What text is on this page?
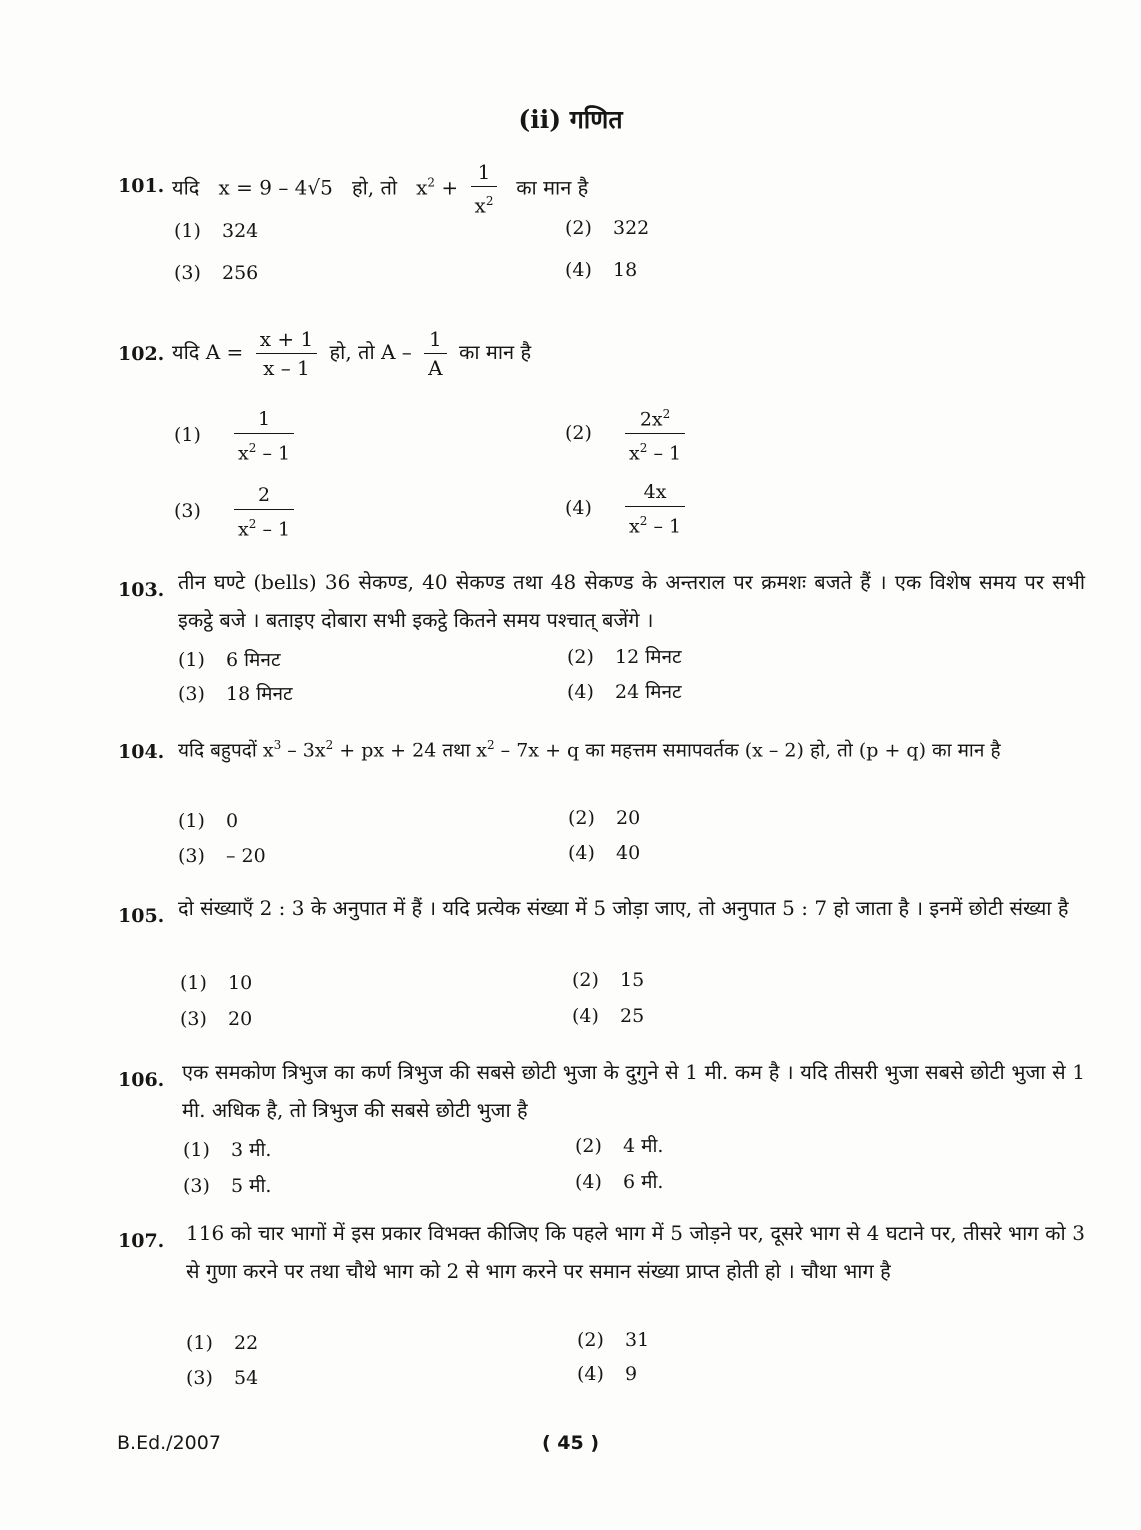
(ii) गणित
101. यदि x = 9 – 4√5 हो, तो $x^2 + \frac{1}{x^2}$ का मान है
(1) 324	(2) 322
(3) 256	(4) 18
102. यदि $A = \frac{x + 1}{x - 1}$ हो, तो A – $\frac{1}{A}$ का मान है
$(1) \frac{1}{x^2 - 1}$	$(2) \frac{2x^2}{x^2 - 1}$
$(3) \frac{2}{x^2 - 1}$	$(4) \frac{4x}{x^2 - 1}$
103. तीन घण्टे (bells) 36 सेकण्ड, 40 सेकण्ड तथा 48 सेकण्ड के अन्तराल पर क्रमशः बजते हैं । एक विशेष समय पर सभी इकट्ठे बजे । बताइए दोबारा सभी इकट्ठे कितने समय पश्चात् बजेंगे ।
(1) 6 मिनट	(2) 12 मिनट
(3) 18 मिनट	(4) 24 मिनट
104. यदि बहुपदों $x^3 - 3x^2$ + px + 24 तथा $x^2 - 7x + q$ का महत्तम समापवर्तक (x – 2) हो, तो (p + q) का मान है
(1) 0	(2) 20
(3) – 20	(4) 40
105. दो संख्याएँ 2 : 3 के अनुपात में हैं । यदि प्रत्येक संख्या में 5 जोड़ा जाए, तो अनुपात 5 : 7 हो जाता है । इनमें छोटी संख्या है
(1) 10	(2) 15
(3) 20	(4) 25
106. एक समकोण त्रिभुज का कर्ण त्रिभुज की सबसे छोटी भुजा के दुगुने से 1 मी. कम है । यदि तीसरी भुजा सबसे छोटी भुजा से 1 मी. अधिक है, तो त्रिभुज की सबसे छोटी भुजा है
(1) 3 मी.	(2) 4 मी.
(3) 5 मी.	(4) 6 मी.
107. 116 को चार भागों में इस प्रकार विभक्त कीजिए कि पहले भाग में 5 जोड़ने पर, दूसरे भाग से 4 घटाने पर, तीसरे भाग को 3 से गुणा करने पर तथा चौथे भाग को 2 से भाग करने पर समान संख्या प्राप्त होती हो । चौथा भाग है
(1) 22	(2) 31
(3) 54	(4) 9
B.Ed./2007	( 45 )
